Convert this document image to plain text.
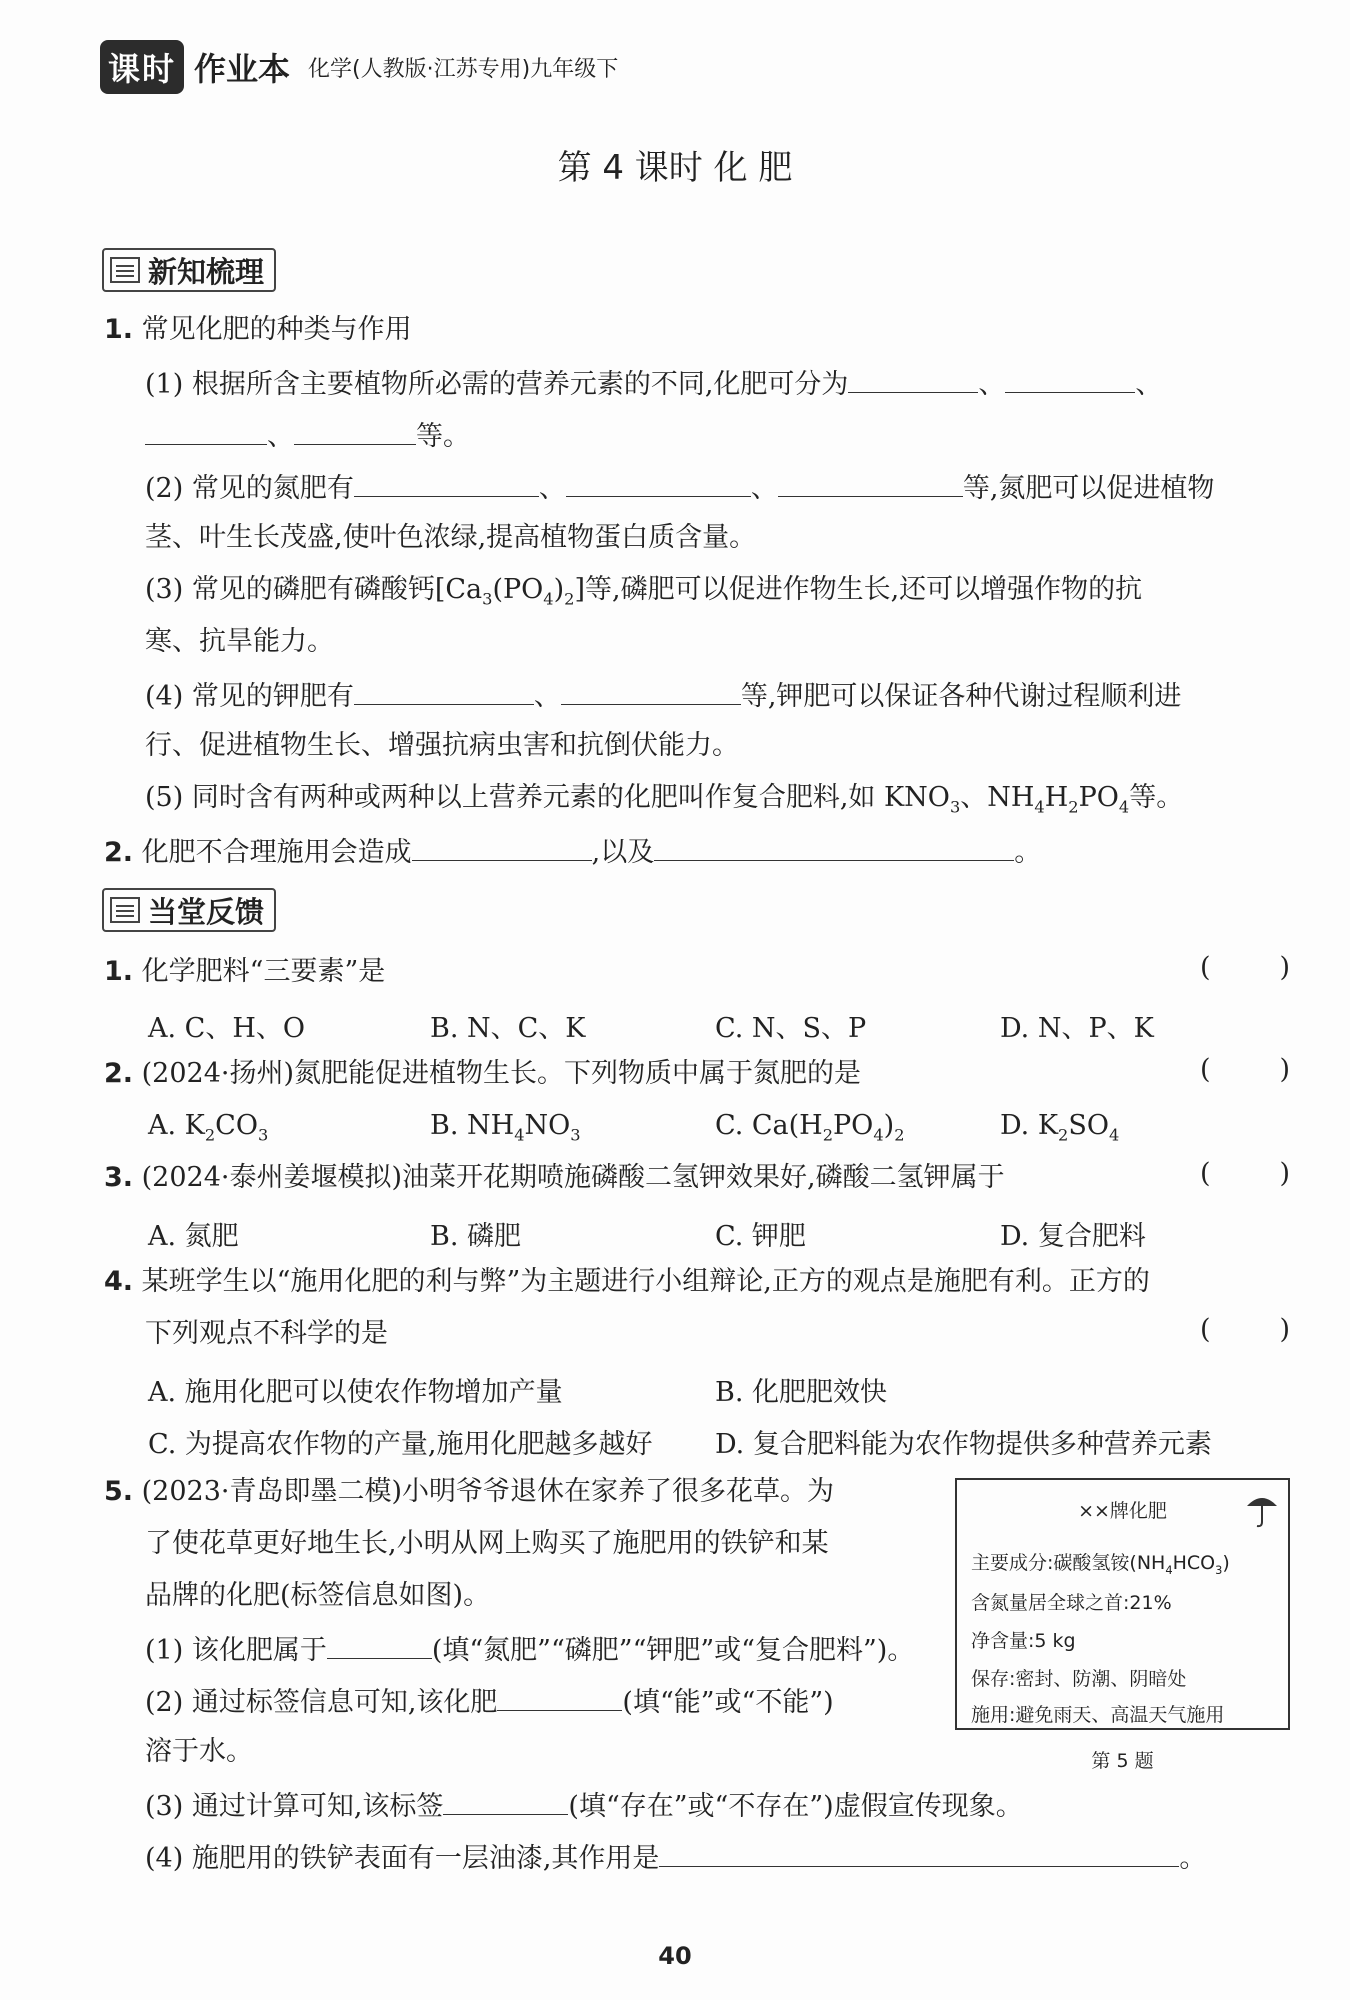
课时 作业本 化学(人教版·江苏专用)九年级下
第 4 课时 化 肥
新知梳理
1. 常见化肥的种类与作用
(1) 根据所含主要植物所必需的营养元素的不同,化肥可分为	、	、
、	等。
(2) 常见的氮肥有	、	、	等,氮肥可以促进植物
茎、叶生长茂盛,使叶色浓绿,提高植物蛋白质含量。
(3) 常见的磷肥有磷酸钙$[Ca_3(PO_4)_2]$等,磷肥可以促进作物生长,还可以增强作物的抗
寒、抗旱能力。
(4) 常见的钾肥有	、	等,钾肥可以保证各种代谢过程顺利进
行、促进植物生长、增强抗病虫害和抗倒伏能力。
(5) 同时含有两种或两种以上营养元素的化肥叫作复合肥料,如 $KNO_3$、$NH_4H_2PO_4$等。
2. 化肥不合理施用会造成	,以及	。
当堂反馈
1. 化学肥料“三要素”是	(	)
A. C、H、O	B. N、C、K	C. N、S、P	D. N、P、K
2. (2024·扬州)氮肥能促进植物生长。下列物质中属于氮肥的是	(	)
A. $K_2CO_3$	B. $NH_4NO_3$	C. $Ca(H_2PO_4)_2$	D. $K_2SO_4$
3. (2024·泰州姜堰模拟)油菜开花期喷施磷酸二氢钾效果好,磷酸二氢钾属于	(	)
A. 氮肥	B. 磷肥	C. 钾肥	D. 复合肥料
4. 某班学生以“施用化肥的利与弊”为主题进行小组辩论,正方的观点是施肥有利。正方的
下列观点不科学的是	(	)
A. 施用化肥可以使农作物增加产量	B. 化肥肥效快
C. 为提高农作物的产量,施用化肥越多越好 D. 复合肥料能为农作物提供多种营养元素
5. (2023·青岛即墨二模)小明爷爷退休在家养了很多花草。为
了使花草更好地生长,小明从网上购买了施肥用的铁铲和某
品牌的化肥(标签信息如图)。
(1) 该化肥属于	(填“氮肥”“磷肥”“钾肥”或“复合肥料”)。
(2) 通过标签信息可知,该化肥	(填“能”或“不能”)
溶于水。
(3) 通过计算可知,该标签	(填“存在”或“不存在”)虚假宣传现象。
(4) 施肥用的铁铲表面有一层油漆,其作用是	。
××牌化肥
主要成分:碳酸氢铵$(NH_4HCO_3)$
含氮量居全球之首:21%
净含量:5 kg
保存:密封、防潮、阴暗处
施用:避免雨天、高温天气施用
第 5 题
40
